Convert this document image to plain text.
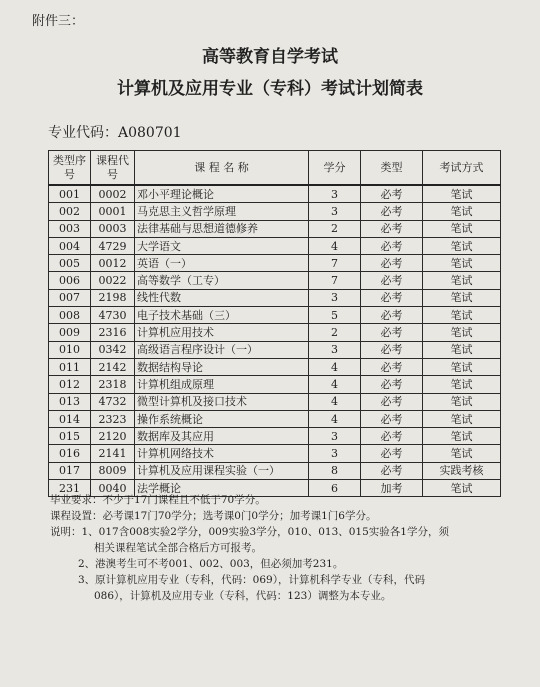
附件三：
高等教育自学考试
计算机及应用专业（专科）考试计划简表
专业代码：A080701
类型序号	课程代号	课 程 名 称	学分	类型	考试方式
001	0002	邓小平理论概论	3	必考	笔试
002	0001	马克思主义哲学原理	3	必考	笔试
003	0003	法律基础与思想道德修养	2	必考	笔试
004	4729	大学语文	4	必考	笔试
005	0012	英语（一）	7	必考	笔试
006	0022	高等数学（工专）	7	必考	笔试
007	2198	线性代数	3	必考	笔试
008	4730	电子技术基础（三）	5	必考	笔试
009	2316	计算机应用技术	2	必考	笔试
010	0342	高级语言程序设计（一）	3	必考	笔试
011	2142	数据结构导论	4	必考	笔试
012	2318	计算机组成原理	4	必考	笔试
013	4732	微型计算机及接口技术	4	必考	笔试
014	2323	操作系统概论	4	必考	笔试
015	2120	数据库及其应用	3	必考	笔试
016	2141	计算机网络技术	3	必考	笔试
017	8009	计算机及应用课程实验（一）	8	必考	实践考核
231	0040	法学概论	6	加考	笔试
毕业要求：不少于17门课程且不低于70学分。
课程设置：必考课17门70学分；选考课0门0学分；加考课1门6学分。
说明：1、017含008实验2学分，009实验3学分，010、013、015实验各1学分，须
相关课程笔试全部合格后方可报考。
2、港澳考生可不考001、002、003，但必须加考231。
3、原计算机应用专业（专科，代码：069），计算机科学专业（专科，代码
086），计算机及应用专业（专科，代码：123）调整为本专业。
